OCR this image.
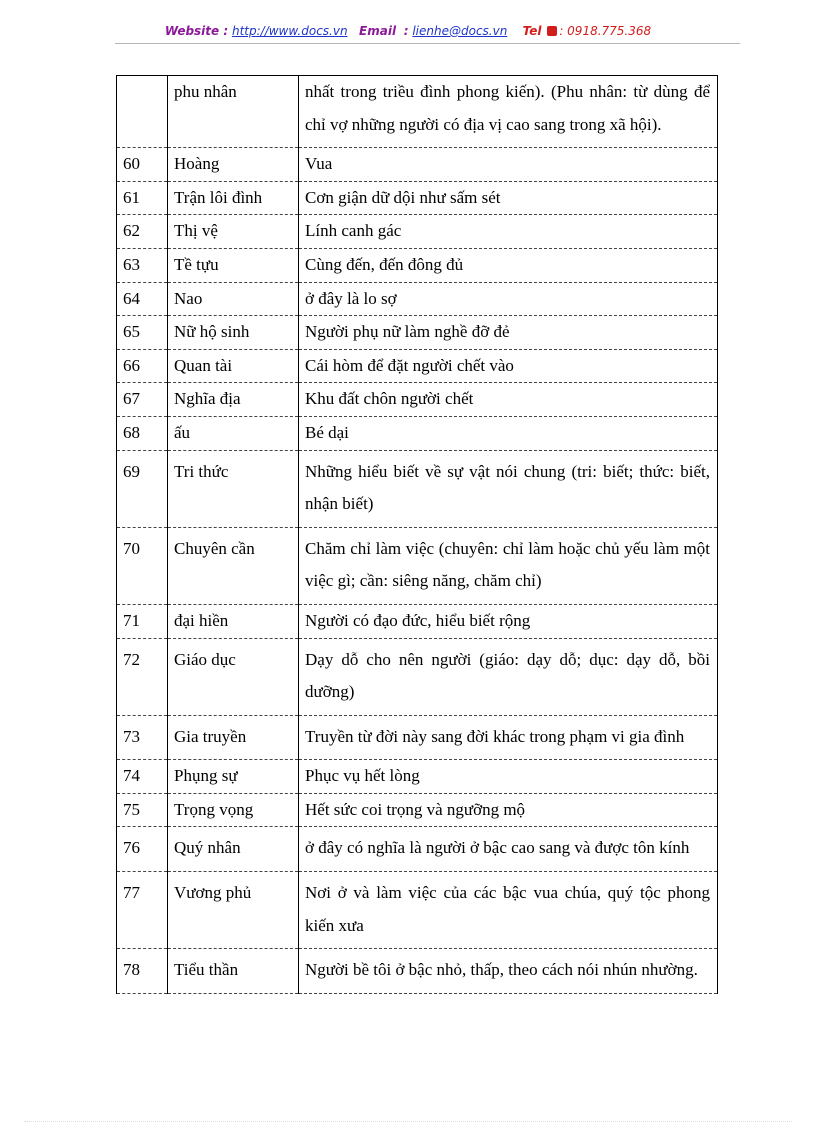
Website : http://www.docs.vn Email : lienhe@docs.vn Tel : 0918.775.368
	phu nhân	nhất trong triều đình phong kiến). (Phu nhân: từ dùng để chỉ vợ những người có địa vị cao sang trong xã hội).
60	Hoàng	Vua
61	Trận lôi đình	Cơn giận dữ dội như sấm sét
62	Thị vệ	Lính canh gác
63	Tề tựu	Cùng đến, đến đông đủ
64	Nao	ở đây là lo sợ
65	Nữ hộ sinh	Người phụ nữ làm nghề đỡ đẻ
66	Quan tài	Cái hòm để đặt người chết vào
67	Nghĩa địa	Khu đất chôn người chết
68	ấu	Bé dại
69	Tri thức	Những hiểu biết về sự vật nói chung (tri: biết; thức: biết, nhận biết)
70	Chuyên cần	Chăm chỉ làm việc (chuyên: chỉ làm hoặc chủ yếu làm một việc gì; cần: siêng năng, chăm chỉ)
71	đại hiền	Người có đạo đức, hiểu biết rộng
72	Giáo dục	Dạy dỗ cho nên người (giáo: dạy dỗ; dục: dạy dỗ, bồi dưỡng)
73	Gia truyền	Truyền từ đời này sang đời khác trong phạm vi gia đình
74	Phụng sự	Phục vụ hết lòng
75	Trọng vọng	Hết sức coi trọng và ngưỡng mộ
76	Quý nhân	ở đây có nghĩa là người ở bậc cao sang và được tôn kính
77	Vương phủ	Nơi ở và làm việc của các bậc vua chúa, quý tộc phong kiến xưa
78	Tiểu thần	Người bề tôi ở bậc nhỏ, thấp, theo cách nói nhún nhường.
